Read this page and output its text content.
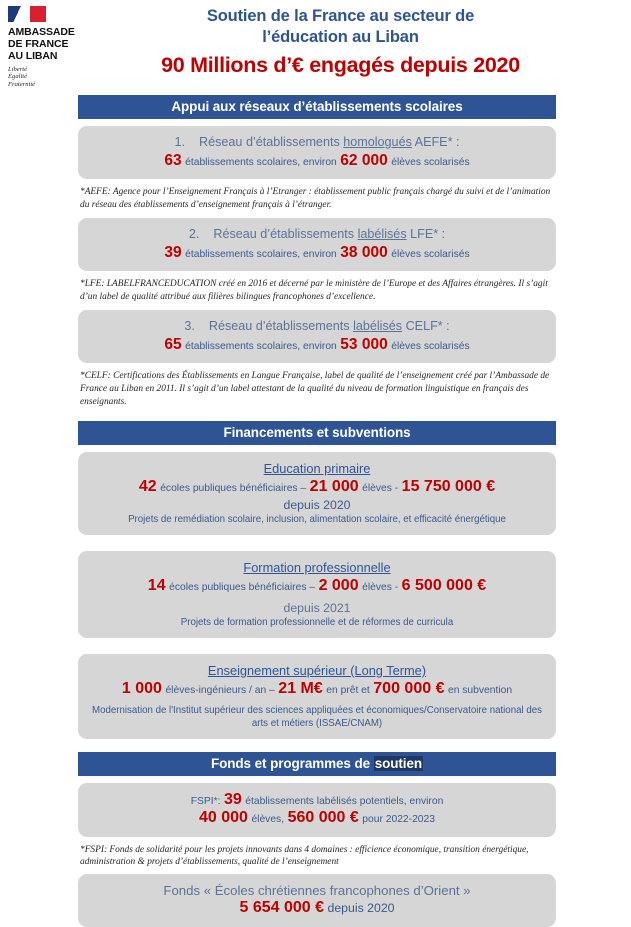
AMBASSADE
DE FRANCE
AU LIBAN
Liberté
Égalité
Fraternité
Soutien de la France au secteur de
l’éducation au Liban
90 Millions d’€ engagés depuis 2020
Appui aux réseaux d’établissements scolaires
1. Réseau d’établissements homologués AEFE* :
63 établissements scolaires, environ 62 000 élèves scolarisés
*AEFE: Agence pour l’Enseignement Français à l’Etranger : établissement public français chargé du suivi et de l’animation du réseau des établissements d’enseignement français à l’étranger.
2. Réseau d’établissements labélisés LFE* :
39 établissements scolaires, environ 38 000 élèves scolarisés
*LFE: LABELFRANCEDUCATION créé en 2016 et décerné par le ministère de l’Europe et des Affaires étrangères. Il s’agit d’un label de qualité attribué aux filières bilingues francophones d’excellence.
3. Réseau d’établissements labélisés CELF* :
65 établissements scolaires, environ 53 000 élèves scolarisés
*CELF: Certifications des Établissements en Langue Française, label de qualité de l’enseignement créé par l’Ambassade de France au Liban en 2011. Il s’agit d’un label attestant de la qualité du niveau de formation linguistique en français des enseignants.
Financements et subventions
Education primaire
42 écoles publiques bénéficiaires – 21 000 élèves - 15 750 000 €
depuis 2020
Projets de remédiation scolaire, inclusion, alimentation scolaire, et efficacité énergétique
Formation professionnelle
14 écoles publiques bénéficiaires – 2 000 élèves - 6 500 000 €
depuis 2021
Projets de formation professionnelle et de réformes de curricula
Enseignement supérieur (Long Terme)
1 000 élèves-ingénieurs / an – 21 M€ en prêt et 700 000 € en subvention
Modernisation de l'Institut supérieur des sciences appliquées et économiques/Conservatoire national des arts et métiers (ISSAE/CNAM)
Fonds et programmes de soutien
FSPI*: 39 établissements labélisés potentiels, environ
40 000 élèves, 560 000 € pour 2022-2023
*FSPI: Fonds de solidarité pour les projets innovants dans 4 domaines : efficience économique, transition énergétique, administration & projets d’établissements, qualité de l’enseignement
Fonds « Écoles chrétiennes francophones d’Orient »
5 654 000 € depuis 2020
